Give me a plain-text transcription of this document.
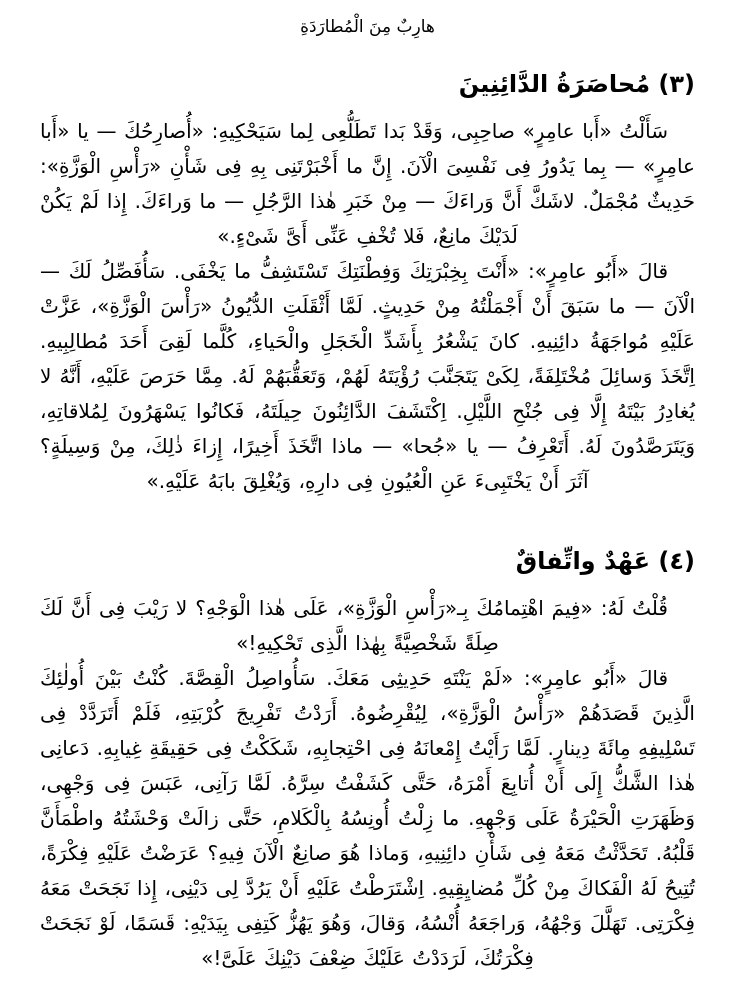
هارِبٌ مِنَ الْمُطارَدَةِ
(٣) مُحاصَرَةُ الدَّائِنِينَ

سَأَلْتُ «أَبا عامِرٍ» صاحِبِى، وَقَدْ بَدا تَطَلُّعِى لِما سَيَحْكِيهِ: «أُصارِحُكَ — يا «أَبا عامِرٍ» — بِما يَدُورُ فِى نَفْسِىَ الْآنَ. إِنَّ ما أَخْبَرْتَنِى بِهِ فِى شَأْنِ «رَأْسِ الْوَزَّةِ»: حَدِيثٌ مُجْمَلٌ. لاشَكَّ أَنَّ وَراءَكَ — مِنْ خَبَرِ هٰذا الرَّجُلِ — ما وَراءَكَ. إِذا لَمْ يَكُنْ لَدَيْكَ مانِعٌ، فَلا تُخْفِ عَنِّى أَىَّ شَىْءٍ.»

قالَ «أَبُو عامِرٍ»: «أَنْتَ بِخِبْرَتِكَ وَفِطْنَتِكَ تَسْتَشِفُّ ما يَخْفَى. سَأُفَصِّلُ لَكَ — الْآنَ — ما سَبَقَ أَنْ أَجْمَلْتُهُ مِنْ حَدِيثٍ. لَمَّا أَثْقَلَتِ الدُّيُونُ «رَأْسَ الْوَزَّةِ»، عَزَّتْ عَلَيْهِ مُواجَهَةُ دائِنِيهِ. كانَ يَشْعُرُ بِأَشَدِّ الْخَجَلِ والْحَياءِ، كُلَّما لَقِىَ أَحَدَ مُطالِبِيهِ. اِتَّخَذَ وَسائِلَ مُخْتَلِفَةً، لِكَىْ يَتَجَنَّبَ رُؤْيَتَهُ لَهُمْ، وَتَعَقُّبَهُمْ لَهُ. مِمَّا حَرَصَ عَلَيْهِ، أَنَّهُ لا يُغادِرُ بَيْتَهُ إِلَّا فِى جُنْحِ اللَّيْلِ. اِكْتَشَفَ الدَّائِنُونَ حِيلَتَهُ، فَكانُوا يَسْهَرُونَ لِمُلاقاتِهِ، وَيَتَرَصَّدُونَ لَهُ. أَتَعْرِفُ — يا «جُحا» — ماذا اتَّخَذَ أَخِيرًا، إِزاءَ ذٰلِكَ، مِنْ وَسِيلَةٍ؟ آثَرَ أَنْ يَخْتَبِىءَ عَنِ الْعُيُونِ فِى دارِهِ، وَيُغْلِقَ بابَهُ عَلَيْهِ.»

(٤) عَهْدٌ واتِّفاقٌ

قُلْتُ لَهُ: «فِيمَ اهْتِمامُكَ بِـ«رَأْسِ الْوَزَّةِ»، عَلَى هٰذا الْوَجْهِ؟ لا رَيْبَ فِى أَنَّ لَكَ صِلَةً شَخْصِيَّةً بِهٰذا الَّذِى تَحْكِيهِ!»

قالَ «أَبُو عامِرٍ»: «لَمْ يَنْتَهِ حَدِيثِى مَعَكَ. سَأُواصِلُ الْقِصَّةَ. كُنْتُ بَيْنَ أُولٰئِكَ الَّذِينَ قَصَدَهُمْ «رَأْسُ الْوَزَّةِ»، لِيُقْرِضُوهُ. أَرَدْتُ تَفْرِيجَ كُرْبَتِهِ، فَلَمْ أَتَرَدَّدْ فِى تَسْلِيفِهِ مِائَةَ دِينارٍ. لَمَّا رَأَيْتُ إِمْعانَهُ فِى احْتِجابِهِ، شَكَكْتُ فِى حَقِيقَةِ غِيابِهِ. دَعانِى هٰذا الشَّكُّ إِلَى أَنْ أُتابِعَ أَمْرَهُ، حَتَّى كَشَفْتُ سِرَّهُ. لَمَّا رَآنِى، عَبَسَ فِى وَجْهِى، وَظَهَرَتِ الْحَيْرَةُ عَلَى وَجْهِهِ. ما زِلْتُ أُونِسُهُ بِالْكَلامِ، حَتَّى زالَتْ وَحْشَتُهُ واطْمَأَنَّ قَلْبُهُ. تَحَدَّثْتُ مَعَهُ فِى شَأْنِ دائِنِيهِ، وَماذا هُوَ صانِعٌ الْآنَ فِيهِ؟ عَرَضْتُ عَلَيْهِ فِكْرَةً، تُتِيحُ لَهُ الْفَكاكَ مِنْ كُلِّ مُضايِقِيهِ. اِشْتَرَطْتُ عَلَيْهِ أَنْ يَرُدَّ لِى دَيْنِى، إِذا نَجَحَتْ مَعَهُ فِكْرَتِى. تَهَلَّلَ وَجْهُهُ، وَراجَعَهُ أُنْسُهُ، وَقالَ، وَهُوَ يَهُزُّ كَتِفِى بِيَدَيْهِ: قَسَمًا، لَوْ نَجَحَتْ فِكْرَتُكَ، لَرَدَدْتُ عَلَيْكَ ضِعْفَ دَيْنِكَ عَلَىَّ!»
